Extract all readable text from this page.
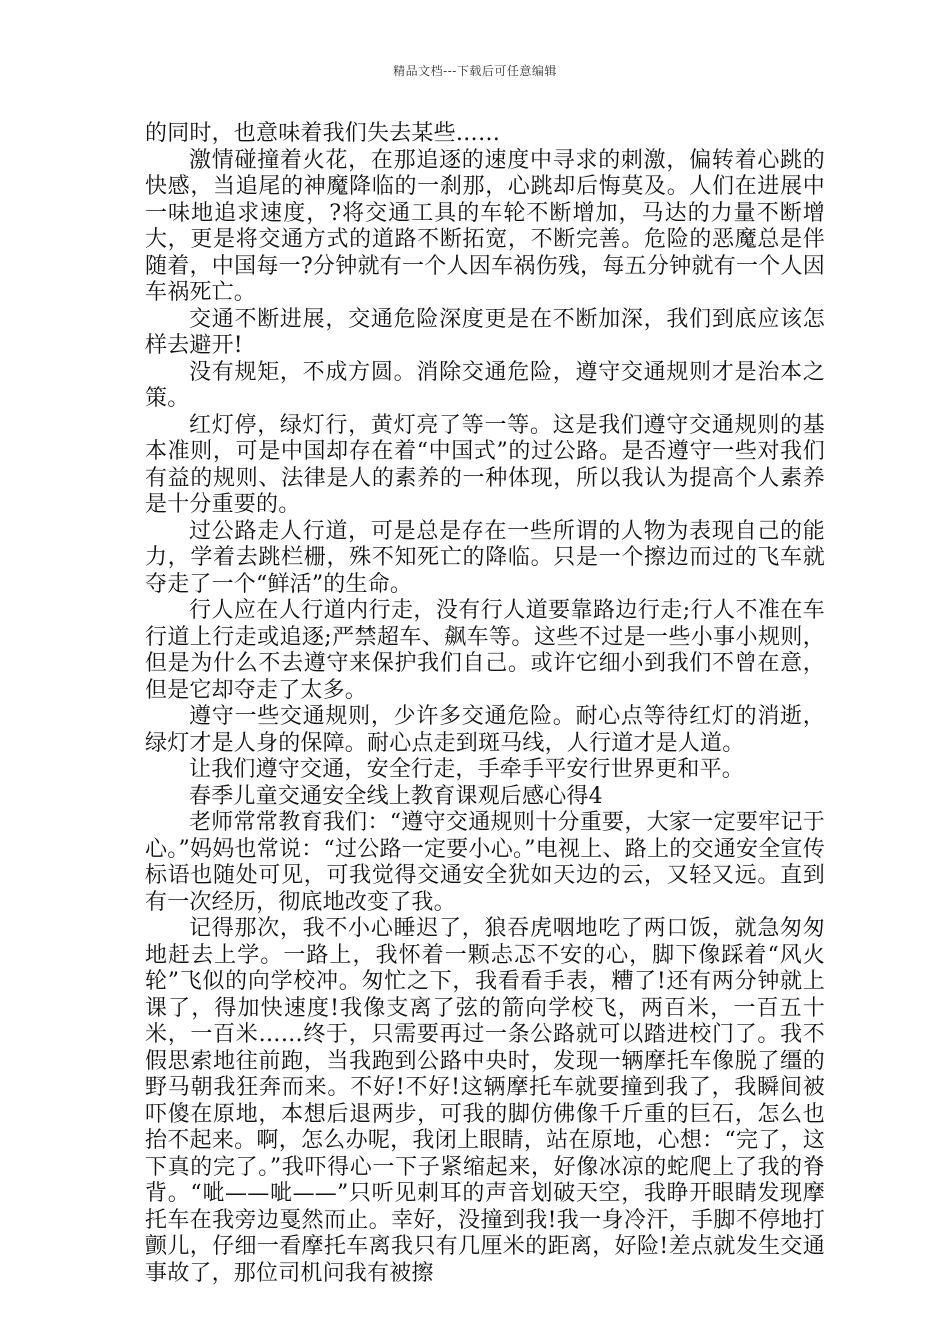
精品文档---下载后可任意编辑

的同时，也意味着我们失去某些……

激情碰撞着火花，在那追逐的速度中寻求的刺激，偏转着心跳的快感，当追尾的神魔降临的一刹那，心跳却后悔莫及。人们在进展中一味地追求速度，?将交通工具的车轮不断增加，马达的力量不断增大，更是将交通方式的道路不断拓宽，不断完善。危险的恶魔总是伴随着，中国每一?分钟就有一个人因车祸伤残，每五分钟就有一个人因车祸死亡。

交通不断进展，交通危险深度更是在不断加深，我们到底应该怎样去避开!

没有规矩，不成方圆。消除交通危险，遵守交通规则才是治本之策。

红灯停，绿灯行，黄灯亮了等一等。这是我们遵守交通规则的基本准则，可是中国却存在着“中国式”的过公路。是否遵守一些对我们有益的规则、法律是人的素养的一种体现，所以我认为提高个人素养是十分重要的。

过公路走人行道，可是总是存在一些所谓的人物为表现自己的能力，学着去跳栏栅，殊不知死亡的降临。只是一个擦边而过的飞车就夺走了一个“鲜活”的生命。

行人应在人行道内行走，没有行人道要靠路边行走;行人不准在车行道上行走或追逐;严禁超车、飙车等。这些不过是一些小事小规则，但是为什么不去遵守来保护我们自己。或许它细小到我们不曾在意，但是它却夺走了太多。

遵守一些交通规则，少许多交通危险。耐心点等待红灯的消逝，绿灯才是人身的保障。耐心点走到斑马线，人行道才是人道。

让我们遵守交通，安全行走，手牵手平安行世界更和平。

春季儿童交通安全线上教育课观后感心得4

老师常常教育我们：“遵守交通规则十分重要，大家一定要牢记于心。”妈妈也常说：“过公路一定要小心。”电视上、路上的交通安全宣传标语也随处可见，可我觉得交通安全犹如天边的云，又轻又远。直到有一次经历，彻底地改变了我。

记得那次，我不小心睡迟了，狼吞虎咽地吃了两口饭，就急匆匆地赶去上学。一路上，我怀着一颗忐忑不安的心，脚下像踩着“风火轮”飞似的向学校冲。匆忙之下，我看看手表，糟了!还有两分钟就上课了，得加快速度!我像支离了弦的箭向学校飞，两百米，一百五十米，一百米……终于，只需要再过一条公路就可以踏进校门了。我不假思索地往前跑，当我跑到公路中央时，发现一辆摩托车像脱了缰的野马朝我狂奔而来。不好!不好!这辆摩托车就要撞到我了，我瞬间被吓傻在原地，本想后退两步，可我的脚仿佛像千斤重的巨石，怎么也抬不起来。啊，怎么办呢，我闭上眼睛，站在原地，心想：“完了，这下真的完了。”我吓得心一下子紧缩起来，好像冰凉的蛇爬上了我的脊背。“呲——呲——”只听见刺耳的声音划破天空，我睁开眼睛发现摩托车在我旁边戛然而止。幸好，没撞到我!我一身冷汗，手脚不停地打颤儿，仔细一看摩托车离我只有几厘米的距离，好险!差点就发生交通事故了，那位司机问我有被擦
